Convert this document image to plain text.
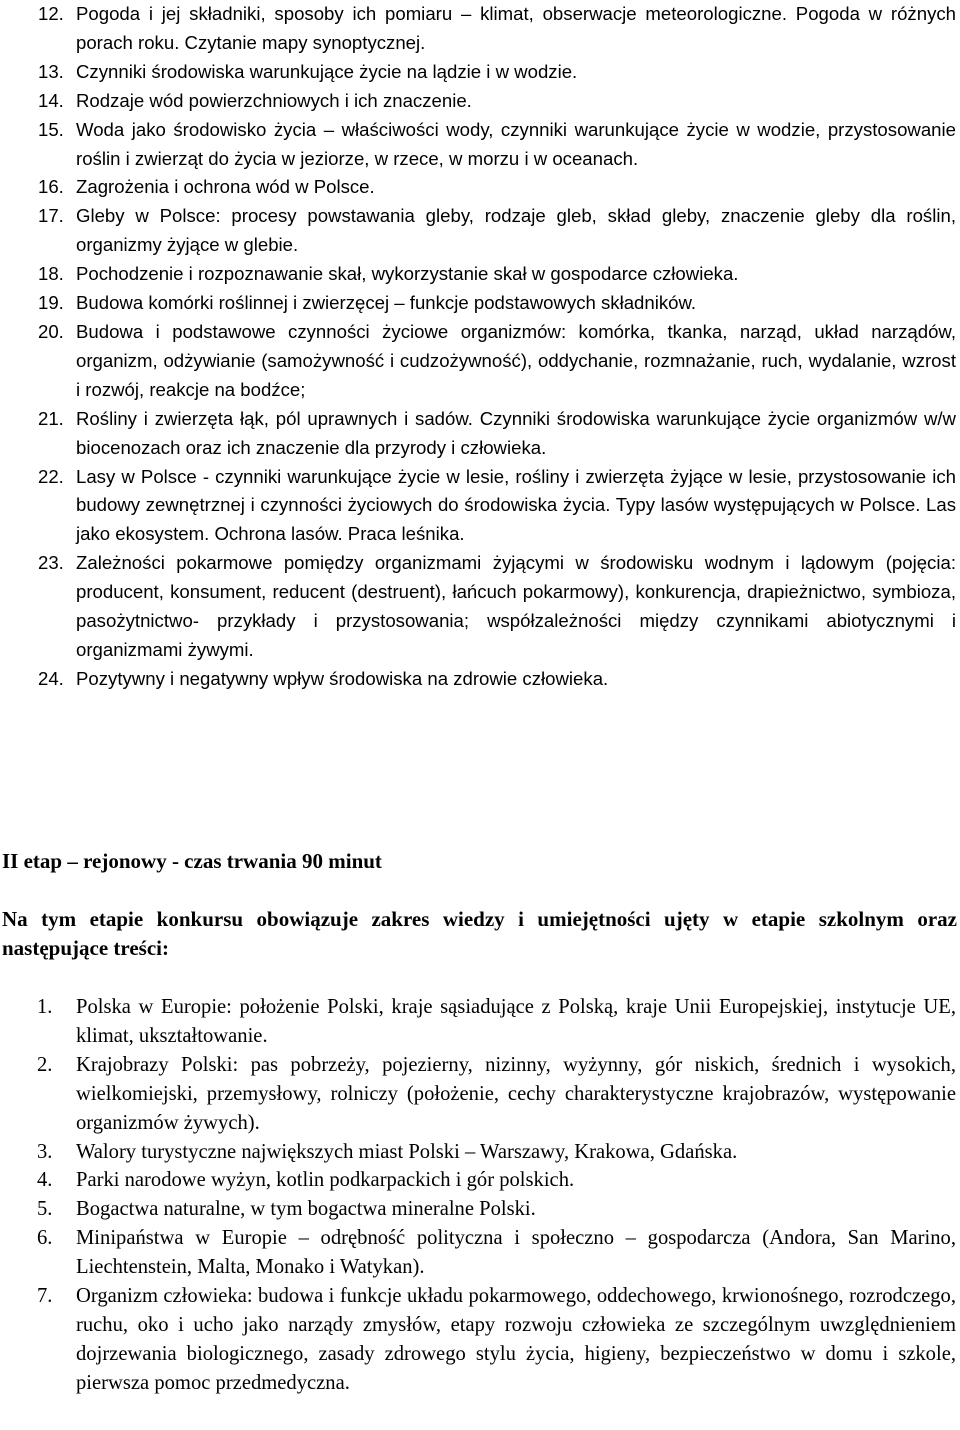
12. Pogoda i jej składniki, sposoby ich pomiaru – klimat, obserwacje meteorologiczne. Pogoda w różnych porach roku. Czytanie mapy synoptycznej.
13. Czynniki środowiska warunkujące życie na lądzie i w wodzie.
14. Rodzaje wód powierzchniowych i ich znaczenie.
15. Woda jako środowisko życia – właściwości wody, czynniki warunkujące życie w wodzie, przystosowanie roślin i zwierząt do życia w jeziorze, w rzece, w morzu i w oceanach.
16. Zagrożenia i ochrona wód w Polsce.
17. Gleby w Polsce: procesy powstawania gleby, rodzaje gleb, skład gleby, znaczenie gleby dla roślin, organizmy żyjące w glebie.
18. Pochodzenie i rozpoznawanie skał, wykorzystanie skał w gospodarce człowieka.
19. Budowa komórki roślinnej i zwierzęcej – funkcje podstawowych składników.
20. Budowa i podstawowe czynności życiowe organizmów: komórka, tkanka, narząd, układ narządów, organizm, odżywianie (samożywność i cudzożywność), oddychanie, rozmnażanie, ruch, wydalanie, wzrost i rozwój, reakcje na bodźce;
21. Rośliny i zwierzęta łąk, pól uprawnych i sadów. Czynniki środowiska warunkujące życie organizmów w/w biocenozach oraz ich znaczenie dla przyrody i człowieka.
22. Lasy w Polsce - czynniki warunkujące życie w lesie, rośliny i zwierzęta żyjące w lesie, przystosowanie ich budowy zewnętrznej i czynności życiowych do środowiska życia. Typy lasów występujących w Polsce. Las jako ekosystem. Ochrona lasów. Praca leśnika.
23. Zależności pokarmowe pomiędzy organizmami żyjącymi w środowisku wodnym i lądowym (pojęcia: producent, konsument, reducent (destruent), łańcuch pokarmowy), konkurencja, drapieżnictwo, symbioza, pasożytnictwo- przykłady i przystosowania; współzależności między czynnikami abiotycznymi i organizmami żywymi.
24. Pozytywny i negatywny wpływ środowiska na zdrowie człowieka.
II etap – rejonowy - czas trwania 90 minut
Na tym etapie konkursu obowiązuje zakres wiedzy i umiejętności ujęty w etapie szkolnym oraz następujące treści:
1. Polska w Europie: położenie Polski, kraje sąsiadujące z Polską, kraje Unii Europejskiej, instytucje UE, klimat, ukształtowanie.
2. Krajobrazy Polski: pas pobrzeży, pojezierny, nizinny, wyżynny, gór niskich, średnich i wysokich, wielkomiejski, przemysłowy, rolniczy (położenie, cechy charakterystyczne krajobrazów, występowanie organizmów żywych).
3. Walory turystyczne największych miast Polski – Warszawy, Krakowa, Gdańska.
4. Parki narodowe wyżyn, kotlin podkarpackich i gór polskich.
5. Bogactwa naturalne, w tym bogactwa mineralne Polski.
6. Minipaństwa w Europie – odrębność polityczna i społeczno – gospodarcza (Andora, San Marino, Liechtenstein, Malta, Monako i Watykan).
7. Organizm człowieka: budowa i funkcje układu pokarmowego, oddechowego, krwionośnego, rozrodczego, ruchu, oko i ucho jako narządy zmysłów, etapy rozwoju człowieka ze szczególnym uwzględnieniem dojrzewania biologicznego, zasady zdrowego stylu życia, higieny, bezpieczeństwo w domu i szkole, pierwsza pomoc przedmedyczna.
